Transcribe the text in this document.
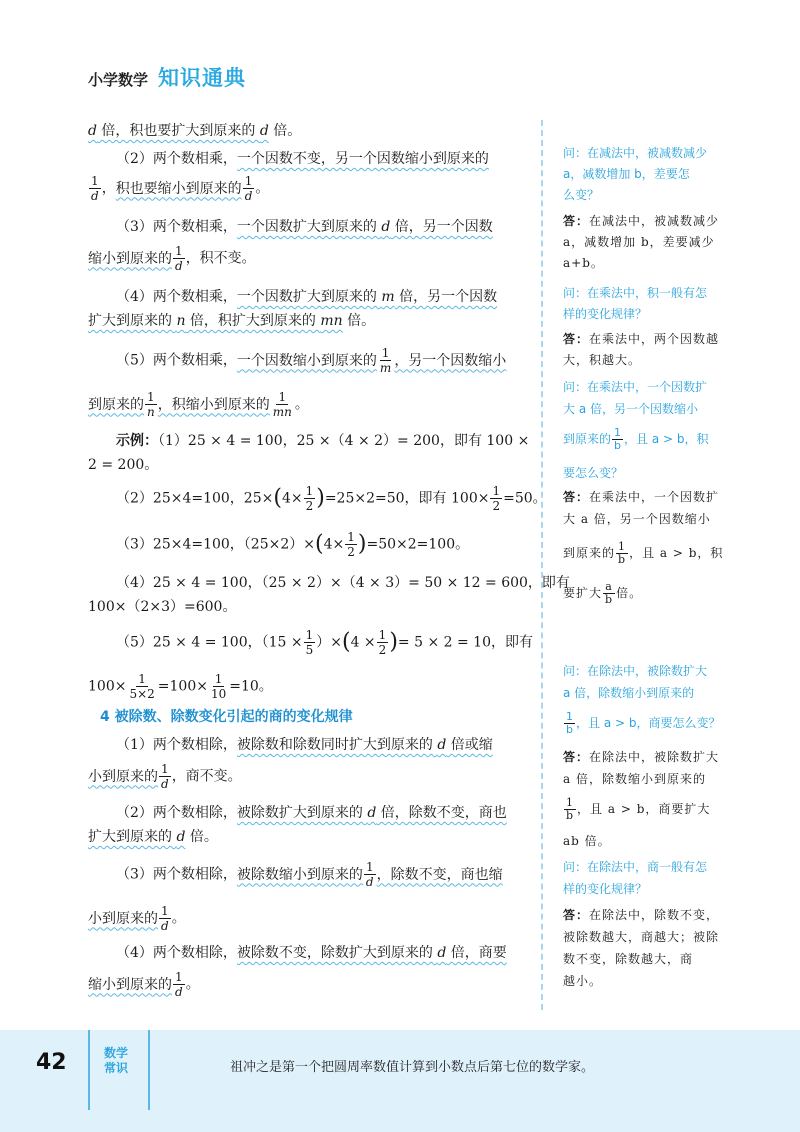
小学数学 知识通典
d 倍，积也要扩大到原来的 d 倍。
（2）两个数相乘，一个因数不变，另一个因数缩小到原来的
$\frac{1}{d}$ ，积也要缩小到原来的 $\frac{1}{d}$ 。
（3）两个数相乘，一个因数扩大到原来的 d 倍，另一个因数
缩小到原来的 $\frac{1}{d}$ ，积不变。
（4）两个数相乘，一个因数扩大到原来的 m 倍，另一个因数
扩大到原来的 n 倍，积扩大到原来的 mn 倍。
（5）两个数相乘，一个因数缩小到原来的 $\frac{1}{m}$ ，另一个因数缩小
到原来的 $\frac{1}{n}$ ，积缩小到原来的 $\frac{1}{mn}$ 。
示例：（1）25 × 4 = 100，25 ×（4 × 2）= 200，即有 100 ×
2 = 200。
（2）25×4=100，$25\times(4\times \frac{1}{2} )=25\times 2=50$，即有 $100\times \frac{1}{2} =50$。
（3）25×4=100，$(25\times 2)\times(4\times \frac{1}{2} )=50\times 2=100$。
（4）25 × 4 = 100，（25 × 2）×（4 × 3）= 50 × 12 = 600，即有
100×（2×3）=600。
（5）25 × 4 = 100，$(15 \times \frac{1}{5} )\times(4 \times \frac{1}{2}$ )= 5 × 2 = 10，即有
$100\times \frac{1}{5\times 2} =100\times \frac{1}{10} =10$。
4 被除数、除数变化引起的商的变化规律
（1）两个数相除，被除数和除数同时扩大到原来的 d 倍或缩
小到原来的 $\frac{1}{d}$ ，商不变。
（2）两个数相除，被除数扩大到原来的 d 倍，除数不变，商也
扩大到原来的 d 倍。
（3）两个数相除，被除数缩小到原来的 $\frac{1}{d}$ ，除数不变，商也缩
小到原来的 $\frac{1}{d}$ 。
（4）两个数相除，被除数不变，除数扩大到原来的 d 倍，商要
缩小到原来的 $\frac{1}{d}$ 。
问：在减法中，被减数减少
a，减数增加 b，差要怎
么变？
答：在减法中，被减数减少
a，减数增加 b，差要减少
a+b。
问：在乘法中，积一般有怎
样的变化规律？
答：在乘法中，两个因数越
大，积越大。
问：在乘法中，一个因数扩
大 a 倍，另一个因数缩小
到原来的 $\frac{1}{b}$ ，且 a > b，积
要怎么变？
答：在乘法中，一个因数扩
大 a 倍，另一个因数缩小
到原来的 $\frac{1}{b}$ ，且 a > b，积
要扩大 $\frac{a}{b}$ 倍。
问：在除法中，被除数扩大
a 倍，除数缩小到原来的
$\frac{1}{b}$ ，且 a > b，商要怎么变？
答：在除法中，被除数扩大
a 倍，除数缩小到原来的
$\frac{1}{b}$ ，且 a > b，商要扩大
ab 倍。
问：在除法中，商一般有怎
样的变化规律？
答：在除法中，除数不变，
被除数越大，商越大；被除
数不变，除数越大，商
越小。
42	数学常识	祖冲之是第一个把圆周率数值计算到小数点后第七位的数学家。
